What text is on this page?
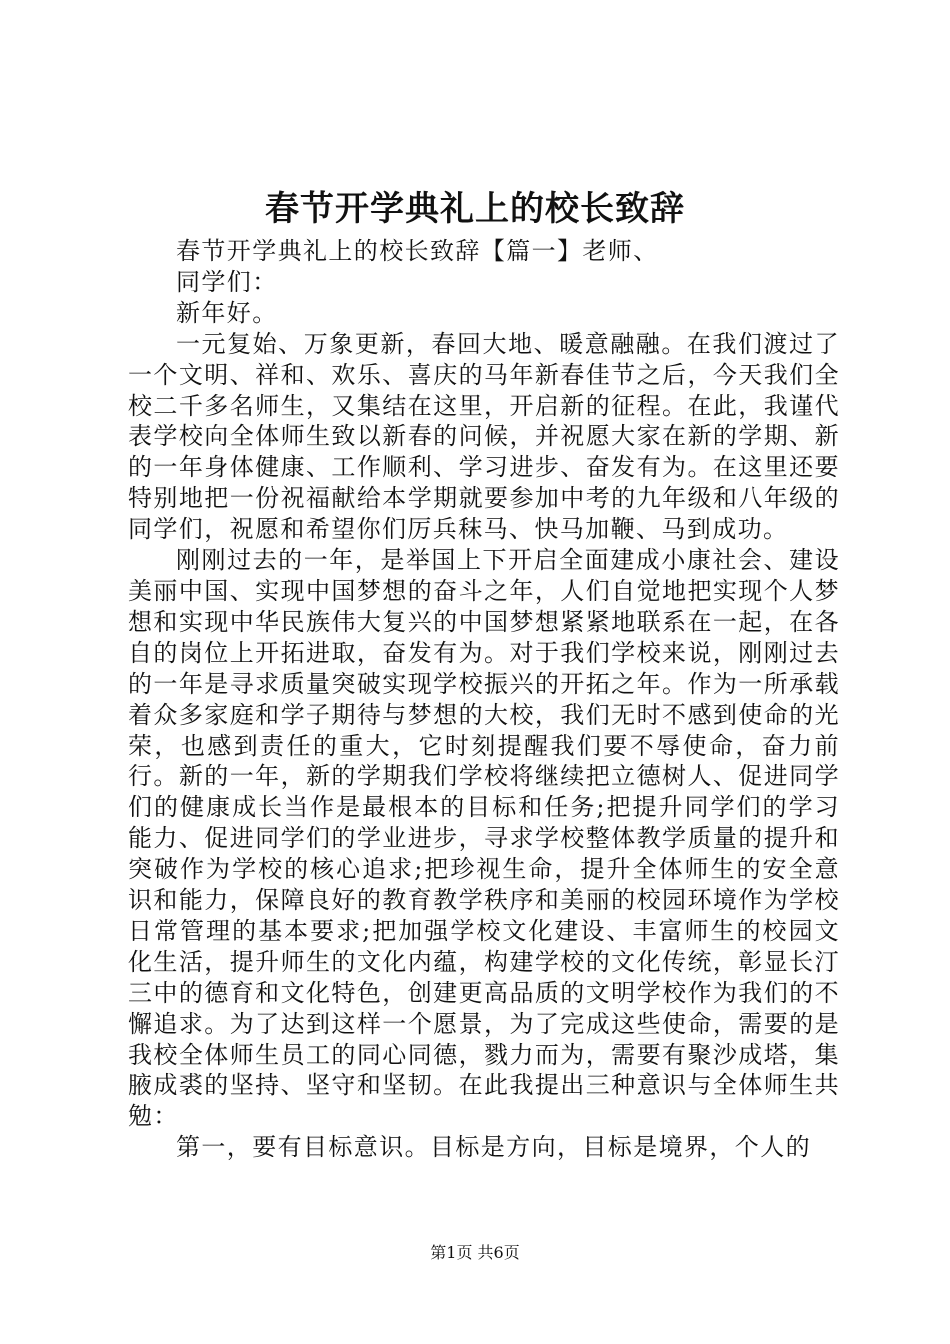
春节开学典礼上的校长致辞

春节开学典礼上的校长致辞【篇一】老师、

同学们：

新年好。

一元复始、万象更新，春回大地、暖意融融。在我们渡过了一个文明、祥和、欢乐、喜庆的马年新春佳节之后，今天我们全校二千多名师生，又集结在这里，开启新的征程。在此，我谨代表学校向全体师生致以新春的问候，并祝愿大家在新的学期、新的一年身体健康、工作顺利、学习进步、奋发有为。在这里还要特别地把一份祝福献给本学期就要参加中考的九年级和八年级的同学们，祝愿和希望你们厉兵秣马、快马加鞭、马到成功。

刚刚过去的一年，是举国上下开启全面建成小康社会、建设美丽中国、实现中国梦想的奋斗之年，人们自觉地把实现个人梦想和实现中华民族伟大复兴的中国梦想紧紧地联系在一起，在各自的岗位上开拓进取，奋发有为。对于我们学校来说，刚刚过去的一年是寻求质量突破实现学校振兴的开拓之年。作为一所承载着众多家庭和学子期待与梦想的大校，我们无时不感到使命的光荣，也感到责任的重大，它时刻提醒我们要不辱使命，奋力前行。新的一年，新的学期我们学校将继续把立德树人、促进同学们的健康成长当作是最根本的目标和任务;把提升同学们的学习能力、促进同学们的学业进步，寻求学校整体教学质量的提升和突破作为学校的核心追求;把珍视生命，提升全体师生的安全意识和能力，保障良好的教育教学秩序和美丽的校园环境作为学校日常管理的基本要求;把加强学校文化建设、丰富师生的校园文化生活，提升师生的文化内蕴，构建学校的文化传统，彰显长汀三中的德育和文化特色，创建更高品质的文明学校作为我们的不懈追求。为了达到这样一个愿景，为了完成这些使命，需要的是我校全体师生员工的同心同德，戮力而为，需要有聚沙成塔，集腋成裘的坚持、坚守和坚韧。在此我提出三种意识与全体师生共勉：

第一，要有目标意识。目标是方向，目标是境界，个人的

第1页 共6页
